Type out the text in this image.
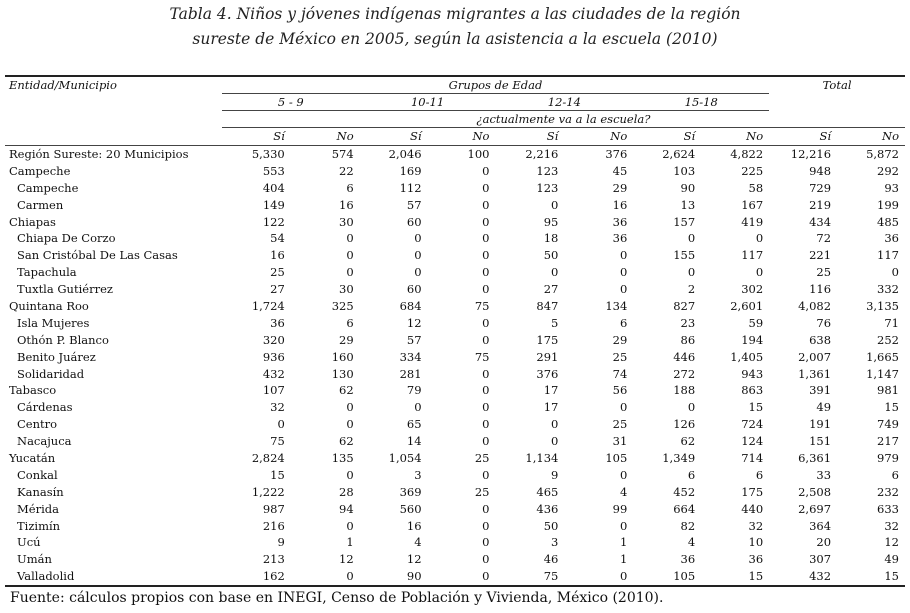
Tabla 4. Niños y jóvenes indígenas migrantes a las ciudades de la región
sureste de México en 2005, según la asistencia a la escuela (2010)
Entidad/Municipio	Grupos de Edad								Total	
	5 - 9		10-11		12-14		15-18			
	¿actualmente va a la escuela?									
	Sí	No	Sí	No	Sí	No	Sí	No	Sí	No
Región Sureste: 20 Municipios	5,330	574	2,046	100	2,216	376	2,624	4,822	12,216	5,872
Campeche	553	22	169	0	123	45	103	225	948	292
Campeche	404	6	112	0	123	29	90	58	729	93
Carmen	149	16	57	0	0	16	13	167	219	199
Chiapas	122	30	60	0	95	36	157	419	434	485
Chiapa De Corzo	54	0	0	0	18	36	0	0	72	36
San Cristóbal De Las Casas	16	0	0	0	50	0	155	117	221	117
Tapachula	25	0	0	0	0	0	0	0	25	0
Tuxtla Gutiérrez	27	30	60	0	27	0	2	302	116	332
Quintana Roo	1,724	325	684	75	847	134	827	2,601	4,082	3,135
Isla Mujeres	36	6	12	0	5	6	23	59	76	71
Othón P. Blanco	320	29	57	0	175	29	86	194	638	252
Benito Juárez	936	160	334	75	291	25	446	1,405	2,007	1,665
Solidaridad	432	130	281	0	376	74	272	943	1,361	1,147
Tabasco	107	62	79	0	17	56	188	863	391	981
Cárdenas	32	0	0	0	17	0	0	15	49	15
Centro	0	0	65	0	0	25	126	724	191	749
Nacajuca	75	62	14	0	0	31	62	124	151	217
Yucatán	2,824	135	1,054	25	1,134	105	1,349	714	6,361	979
Conkal	15	0	3	0	9	0	6	6	33	6
Kanasín	1,222	28	369	25	465	4	452	175	2,508	232
Mérida	987	94	560	0	436	99	664	440	2,697	633
Tizimín	216	0	16	0	50	0	82	32	364	32
Ucú	9	1	4	0	3	1	4	10	20	12
Umán	213	12	12	0	46	1	36	36	307	49
Valladolid	162	0	90	0	75	0	105	15	432	15
Fuente: cálculos propios con base en INEGI, Censo de Población y Vivienda, México (2010).
